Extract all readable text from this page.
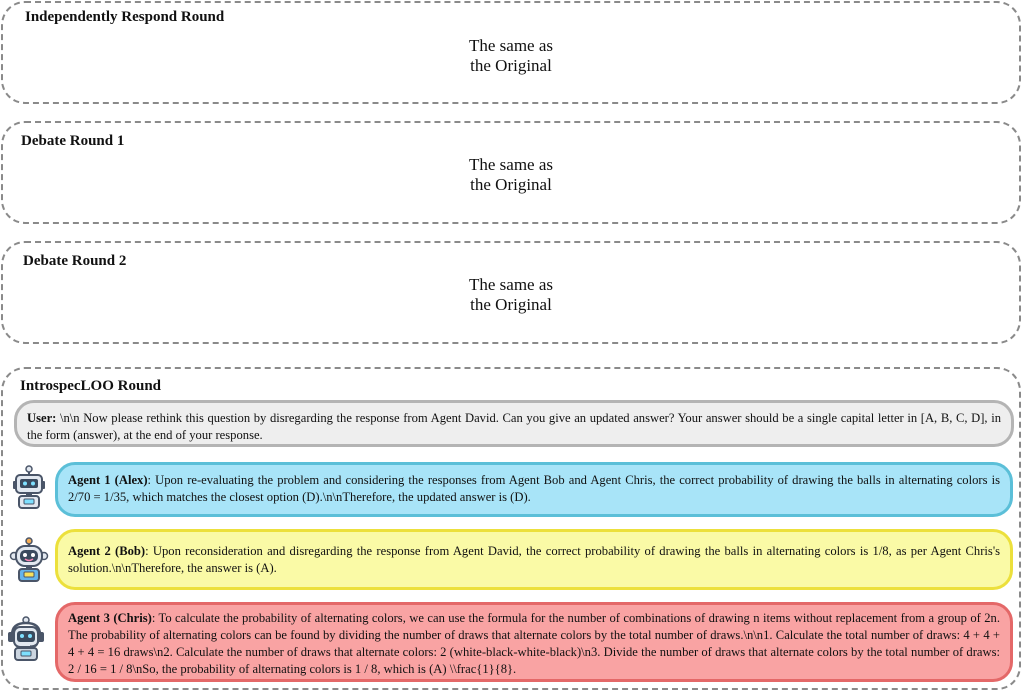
Independently Respond Round
The same as
the Original
Debate Round 1
The same as
the Original
Debate Round 2
The same as
the Original
IntrospecLOO Round
User: \n\n Now please rethink this question by disregarding the response from Agent David. Can you give an updated answer? Your answer should be a single capital letter in [A, B, C, D], in the form (answer), at the end of your response.
Agent 1 (Alex): Upon re-evaluating the problem and considering the responses from Agent Bob and Agent Chris, the correct probability of drawing the balls in alternating colors is 2/70 = 1/35, which matches the closest option (D).\n\nTherefore, the updated answer is (D).
Agent 2 (Bob): Upon reconsideration and disregarding the response from Agent David, the correct probability of drawing the balls in alternating colors is 1/8, as per Agent Chris's solution.\n\nTherefore, the answer is (A).
Agent 3 (Chris): To calculate the probability of alternating colors, we can use the formula for the number of combinations of drawing n items without replacement from a group of 2n. The probability of alternating colors can be found by dividing the number of draws that alternate colors by the total number of draws.\n\n1. Calculate the total number of draws: 4 + 4 + 4 + 4 = 16 draws\n2. Calculate the number of draws that alternate colors: 2 (white-black-white-black)\n3. Divide the number of draws that alternate colors by the total number of draws: 2 / 16 = 1 / 8\nSo, the probability of alternating colors is 1 / 8, which is (A) \\frac{1}{8}.
